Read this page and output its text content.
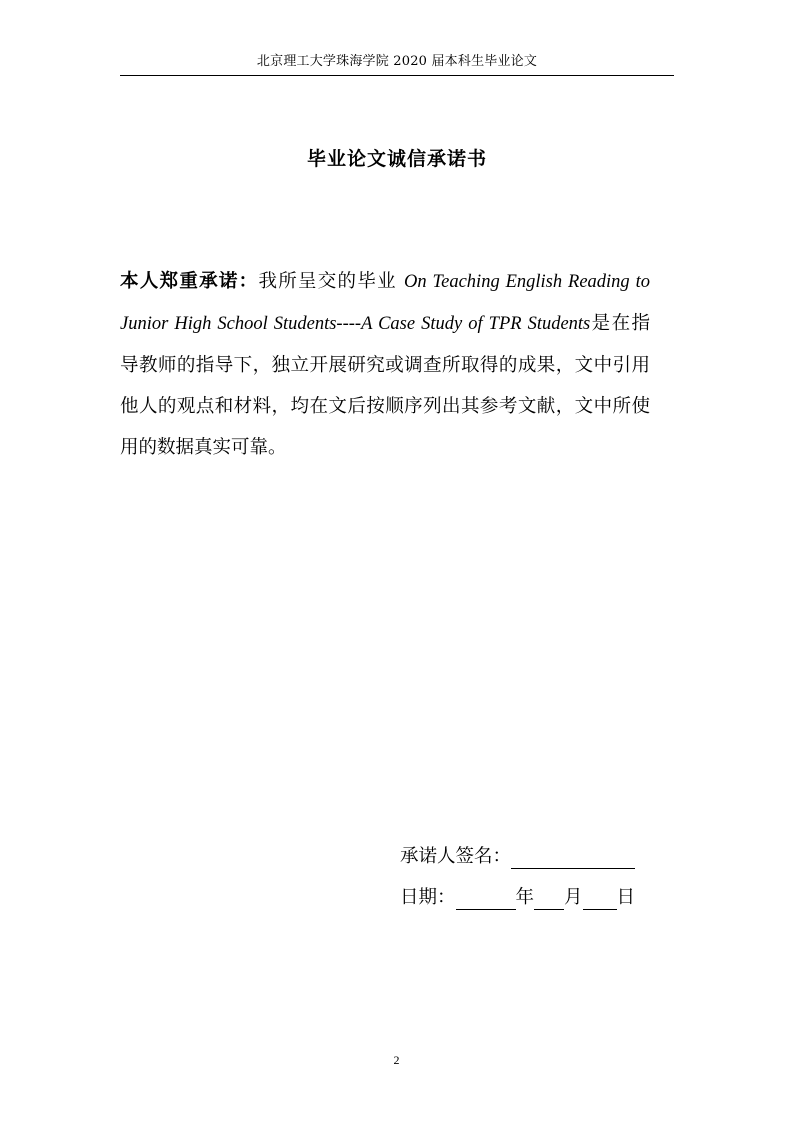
北京理工大学珠海学院 2020 届本科生毕业论文
毕业论文诚信承诺书
本人郑重承诺：我所呈交的毕业 On Teaching English Reading to Junior High School Students----A Case Study of TPR Students是在指导教师的指导下，独立开展研究或调查所取得的成果，文中引用他人的观点和材料，均在文后按顺序列出其参考文献，文中所使用的数据真实可靠。
承诺人签名：
日期：	年 月 日
2
